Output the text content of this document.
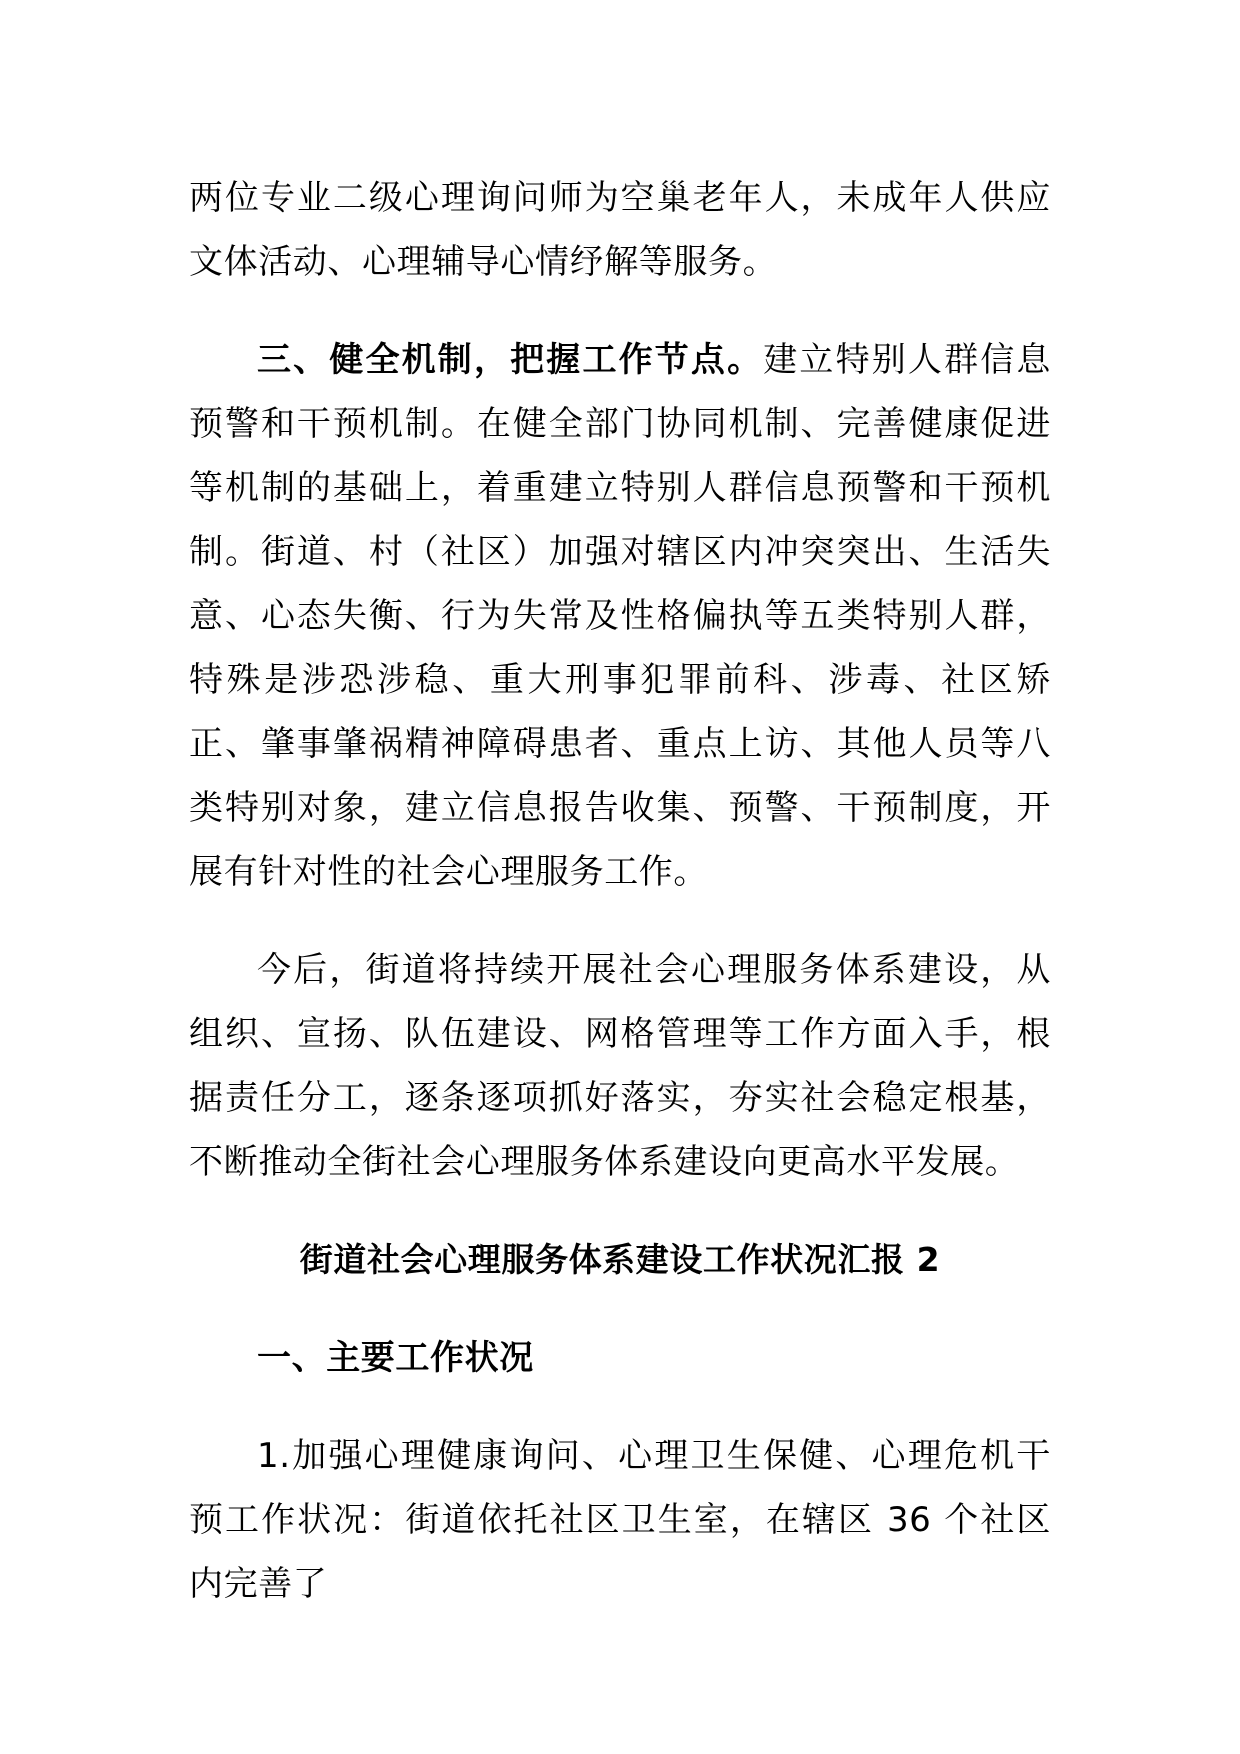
两位专业二级心理询问师为空巢老年人，未成年人供应文体活动、心理辅导心情纾解等服务。

三、健全机制，把握工作节点。建立特别人群信息预警和干预机制。在健全部门协同机制、完善健康促进等机制的基础上，着重建立特别人群信息预警和干预机制。街道、村（社区）加强对辖区内冲突突出、生活失意、心态失衡、行为失常及性格偏执等五类特别人群，特殊是涉恐涉稳、重大刑事犯罪前科、涉毒、社区矫正、肇事肇祸精神障碍患者、重点上访、其他人员等八类特别对象，建立信息报告收集、预警、干预制度，开展有针对性的社会心理服务工作。

今后，街道将持续开展社会心理服务体系建设，从组织、宣扬、队伍建设、网格管理等工作方面入手，根据责任分工，逐条逐项抓好落实，夯实社会稳定根基，不断推动全街社会心理服务体系建设向更高水平发展。

街道社会心理服务体系建设工作状况汇报 2

一、主要工作状况

1.加强心理健康询问、心理卫生保健、心理危机干预工作状况：街道依托社区卫生室，在辖区 36 个社区内完善了
